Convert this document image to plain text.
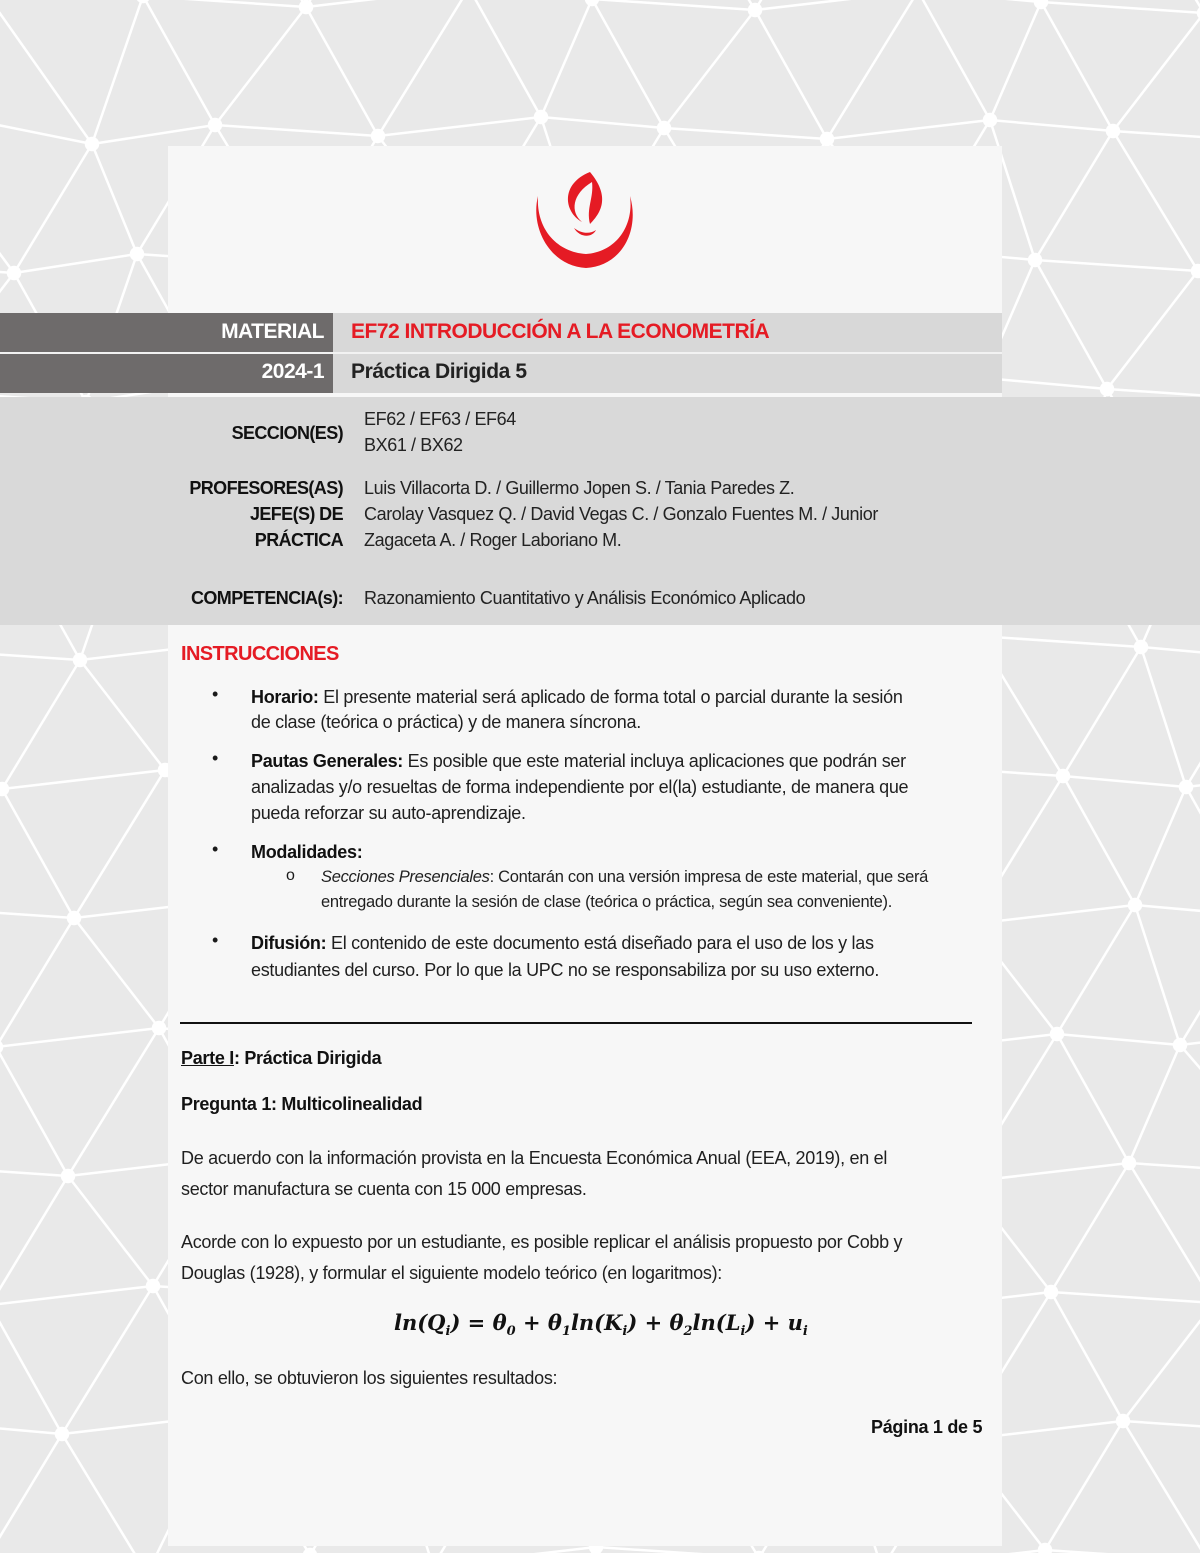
MATERIAL
2024-1
EF72 INTRODUCCIÓN A LA ECONOMETRÍA
Práctica Dirigida 5
SECCION(ES)
EF62 / EF63 / EF64
BX61 / BX62
PROFESORES(AS)
JEFE(S) DE
PRÁCTICA
Luis Villacorta D. / Guillermo Jopen S. / Tania Paredes Z.
Carolay Vasquez Q. / David Vegas C. / Gonzalo Fuentes M. / Junior
Zagaceta A. / Roger Laboriano M.
COMPETENCIA(s): Razonamiento Cuantitativo y Análisis Económico Aplicado
INSTRUCCIONES
• Horario: El presente material será aplicado de forma total o parcial durante la sesión
de clase (teórica o práctica) y de manera síncrona.
• Pautas Generales: Es posible que este material incluya aplicaciones que podrán ser
analizadas y/o resueltas de forma independiente por el(la) estudiante, de manera que
pueda reforzar su auto-aprendizaje.
• Modalidades:
o Secciones Presenciales: Contarán con una versión impresa de este material, que será
entregado durante la sesión de clase (teórica o práctica, según sea conveniente).
• Difusión: El contenido de este documento está diseñado para el uso de los y las
estudiantes del curso. Por lo que la UPC no se responsabiliza por su uso externo.
Parte I: Práctica Dirigida
Pregunta 1: Multicolinealidad
De acuerdo con la información provista en la Encuesta Económica Anual (EEA, 2019), en el
sector manufactura se cuenta con 15 000 empresas.
Acorde con lo expuesto por un estudiante, es posible replicar el análisis propuesto por Cobb y
Douglas (1928), y formular el siguiente modelo teórico (en logaritmos):
$\ln(Q_i) = \theta_0 + \theta_1\ln(K_i) + \theta_2\ln(L_i) + u_i$
Con ello, se obtuvieron los siguientes resultados:
Página 1 de 5
